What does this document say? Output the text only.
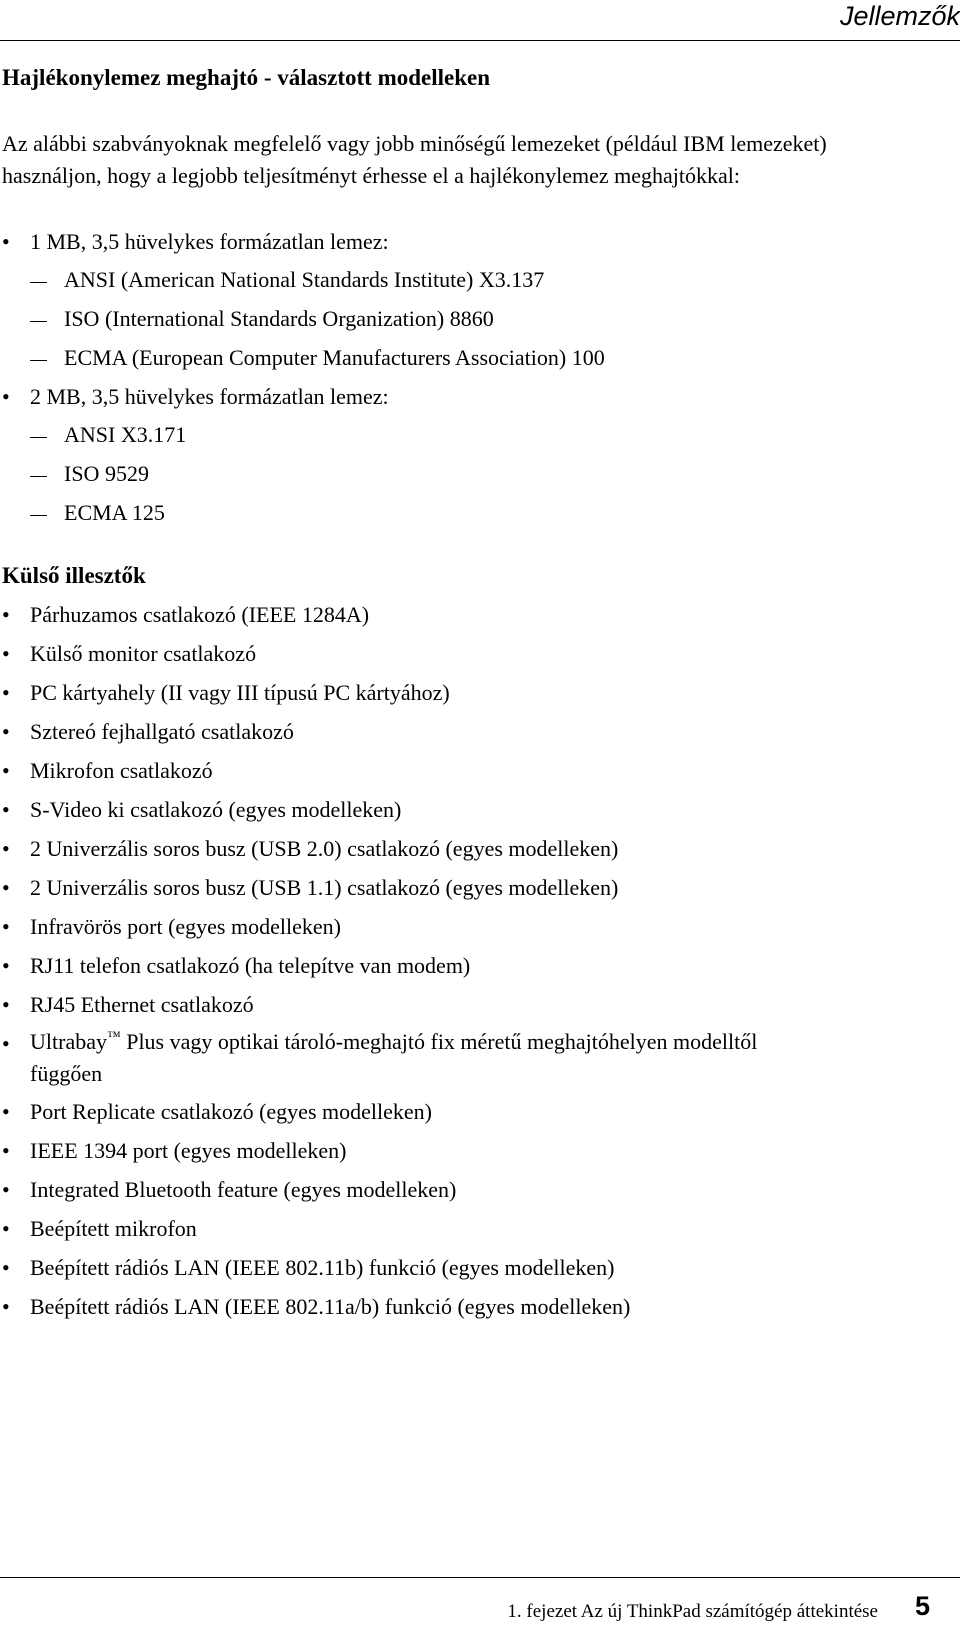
Jellemzők
Hajlékonylemez meghajtó - választott modelleken

Az alábbi szabványoknak megfelelő vagy jobb minőségű lemezeket (például IBM lemezeket) használjon, hogy a legjobb teljesítményt érhesse el a hajlékonylemez meghajtókkal:

• 1 MB, 3,5 hüvelykes formázatlan lemez:
ANSI (American National Standards Institute) X3.137
ISO (International Standards Organization) 8860
ECMA (European Computer Manufacturers Association) 100
• 2 MB, 3,5 hüvelykes formázatlan lemez:
ANSI X3.171
ISO 9529
ECMA 125
Külső illesztők
• Párhuzamos csatlakozó (IEEE 1284A)
• Külső monitor csatlakozó
• PC kártyahely (II vagy III típusú PC kártyához)
• Sztereó fejhallgató csatlakozó
• Mikrofon csatlakozó
• S-Video ki csatlakozó (egyes modelleken)
• 2 Univerzális soros busz (USB 2.0) csatlakozó (egyes modelleken)
• 2 Univerzális soros busz (USB 1.1) csatlakozó (egyes modelleken)
• Infravörös port (egyes modelleken)
• RJ11 telefon csatlakozó (ha telepítve van modem)
• RJ45 Ethernet csatlakozó
• Ultrabay™ Plus vagy optikai tároló-meghajtó fix méretű meghajtóhelyen modelltől
függően
• Port Replicate csatlakozó (egyes modelleken)
• IEEE 1394 port (egyes modelleken)
• Integrated Bluetooth feature (egyes modelleken)
• Beépített mikrofon
• Beépített rádiós LAN (IEEE 802.11b) funkció (egyes modelleken)
• Beépített rádiós LAN (IEEE 802.11a/b) funkció (egyes modelleken)
1. fejezet Az új ThinkPad számítógép áttekintése 5
